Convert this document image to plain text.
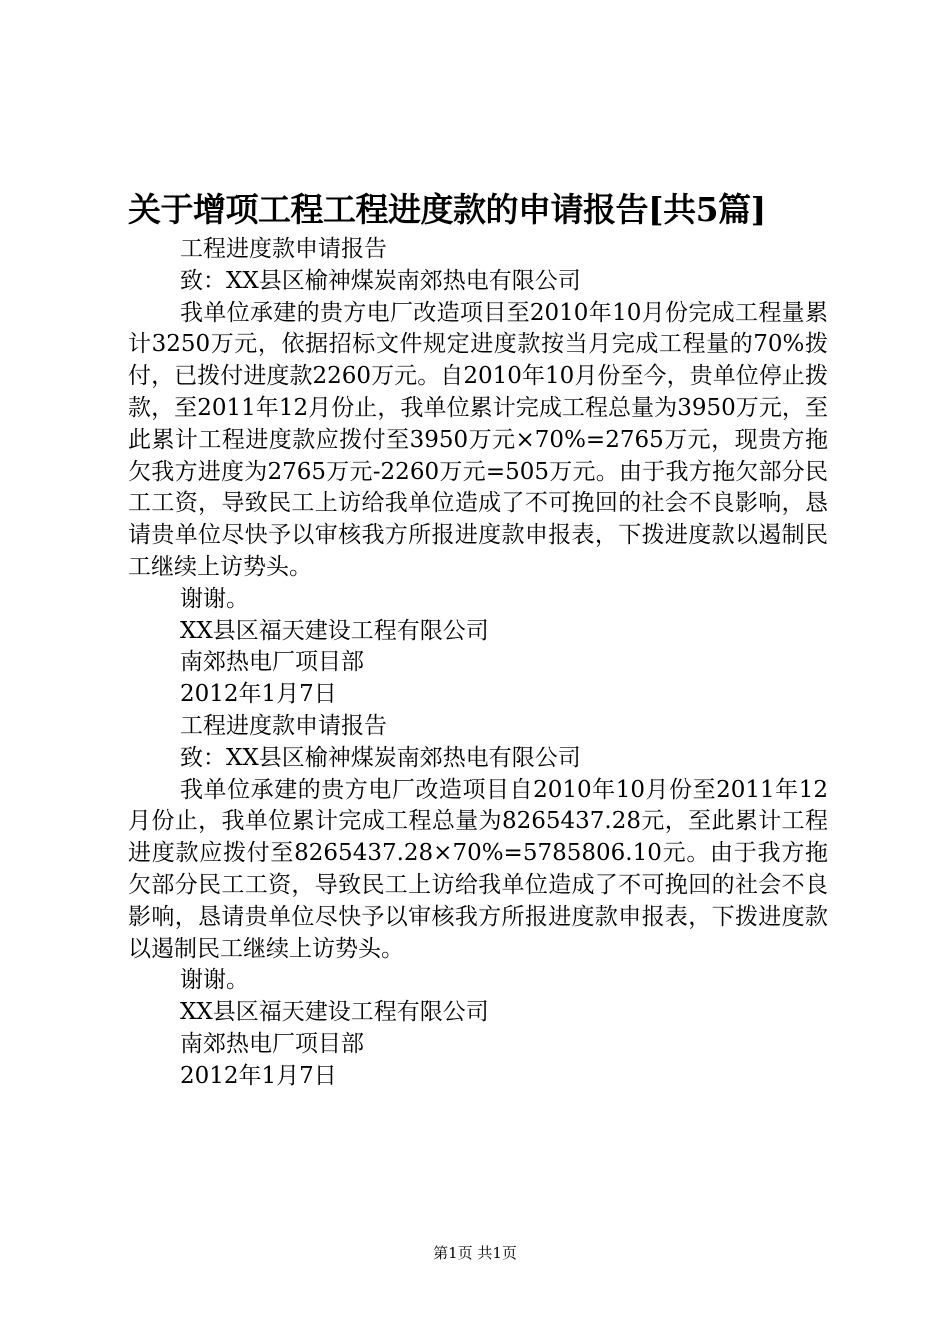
关于增项工程工程进度款的申请报告[共5篇]

工程进度款申请报告

致：XX县区榆神煤炭南郊热电有限公司

我单位承建的贵方电厂改造项目至2010年10月份完成工程量累计3250万元，依据招标文件规定进度款按当月完成工程量的70%拨付，已拨付进度款2260万元。自2010年10月份至今，贵单位停止拨款，至2011年12月份止，我单位累计完成工程总量为3950万元，至此累计工程进度款应拨付至3950万元×70%=2765万元，现贵方拖欠我方进度为2765万元-2260万元=505万元。由于我方拖欠部分民工工资，导致民工上访给我单位造成了不可挽回的社会不良影响，恳请贵单位尽快予以审核我方所报进度款申报表，下拨进度款以遏制民工继续上访势头。

谢谢。

XX县区福天建设工程有限公司

南郊热电厂项目部

2012年1月7日

工程进度款申请报告

致：XX县区榆神煤炭南郊热电有限公司

我单位承建的贵方电厂改造项目自2010年10月份至2011年12月份止，我单位累计完成工程总量为8265437.28元，至此累计工程进度款应拨付至8265437.28×70%=5785806.10元。由于我方拖欠部分民工工资，导致民工上访给我单位造成了不可挽回的社会不良影响，恳请贵单位尽快予以审核我方所报进度款申报表，下拨进度款以遏制民工继续上访势头。

谢谢。

XX县区福天建设工程有限公司

南郊热电厂项目部

2012年1月7日

第1页 共1页
